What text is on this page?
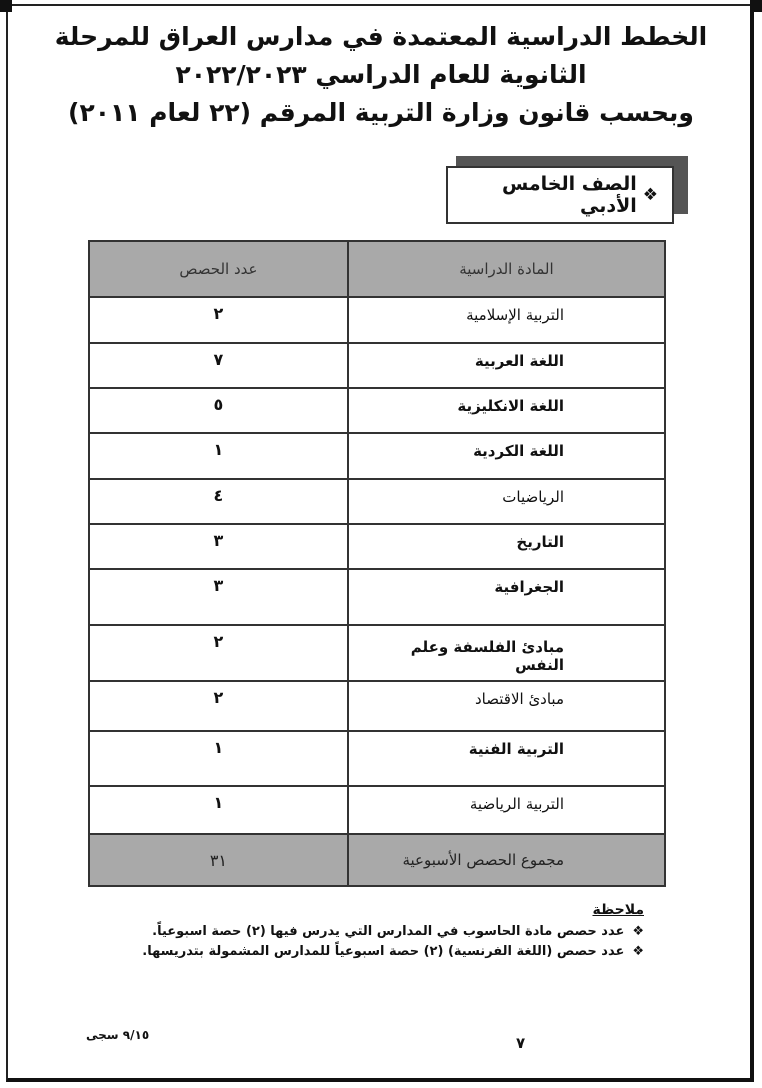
الخطط الدراسية المعتمدة في مدارس العراق للمرحلة
الثانوية للعام الدراسي ٢٠٢٢/٢٠٢٣
وبحسب قانون وزارة التربية المرقم (٢٢ لعام ٢٠١١)
❖
الصف الخامس الأدبي
المادة الدراسية	عدد الحصص
التربية الإسلامية	٢
اللغة العربية	٧
اللغة الانكليزية	٥
اللغة الكردية	١
الرياضيات	٤
التاريخ	٣
الجغرافية	٣
مبادئ الفلسفة وعلم النفس	٢
مبادئ الاقتصاد	٢
التربية الفنية	١
التربية الرياضية	١
مجموع الحصص الأسبوعية	٣١
ملاحظة
❖عدد حصص مادة الحاسوب في المدارس التي يدرس فيها (٢) حصة اسبوعياً.
❖عدد حصص (اللغة الفرنسية) (٢) حصة اسبوعياً للمدارس المشمولة بتدريسها.
٧
٩/١٥ سجى
